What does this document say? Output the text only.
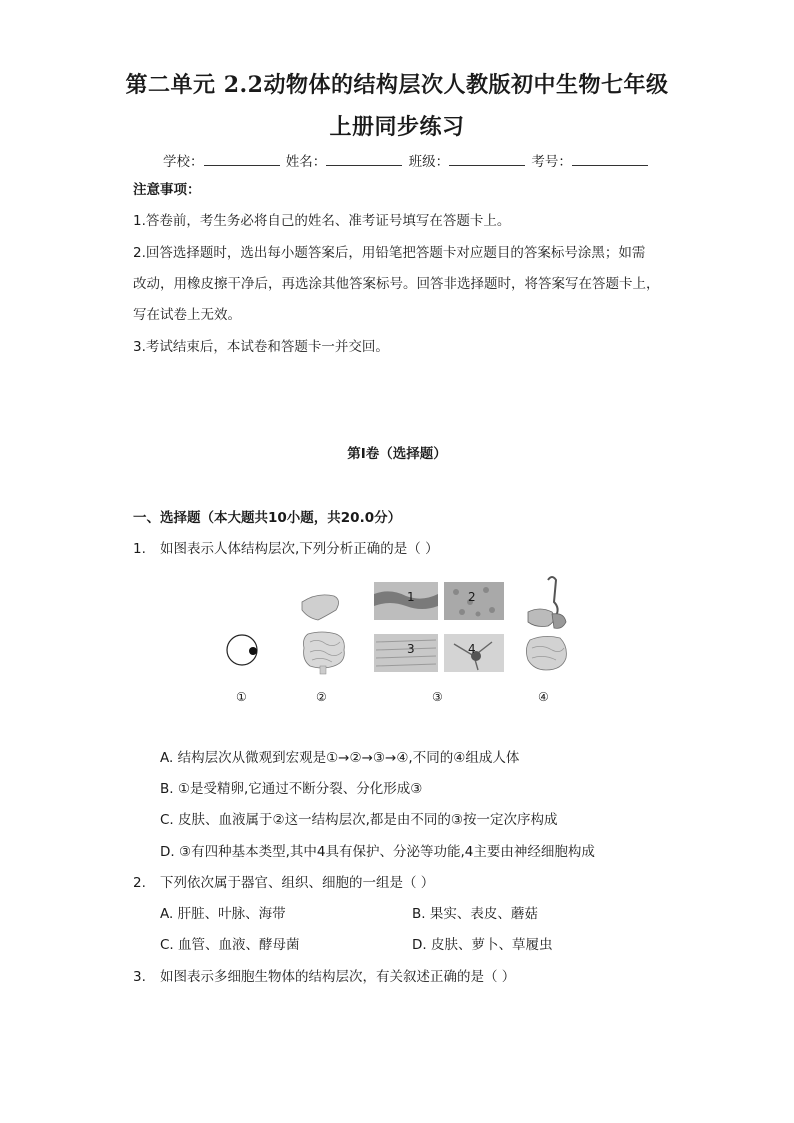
第二单元 2.2动物体的结构层次人教版初中生物七年级
上册同步练习
学校：	姓名：	班级：	考号：
注意事项：
1.答卷前，考生务必将自己的姓名、准考证号填写在答题卡上。
2.回答选择题时，选出每小题答案后，用铅笔把答题卡对应题目的答案标号涂黑；如需
改动，用橡皮擦干净后，再选涂其他答案标号。回答非选择题时，将答案写在答题卡上，
写在试卷上无效。
3.考试结束后，本试卷和答题卡一并交回。
第Ⅰ卷（选择题）
一、选择题（本大题共10小题，共20.0分）
1. 如图表示人体结构层次,下列分析正确的是（ ）
1	2
3	4
①	②	③	④
A. 结构层次从微观到宏观是①→②→③→④,不同的④组成人体
B. ①是受精卵,它通过不断分裂、分化形成③
C. 皮肤、血液属于②这一结构层次,都是由不同的③按一定次序构成
D. ③有四种基本类型,其中4具有保护、分泌等功能,4主要由神经细胞构成
2. 下列依次属于器官、组织、细胞的一组是（ ）
A. 肝脏、叶脉、海带	B. 果实、表皮、蘑菇
C. 血管、血液、酵母菌	D. 皮肤、萝卜、草履虫
3. 如图表示多细胞生物体的结构层次，有关叙述正确的是（ ）
